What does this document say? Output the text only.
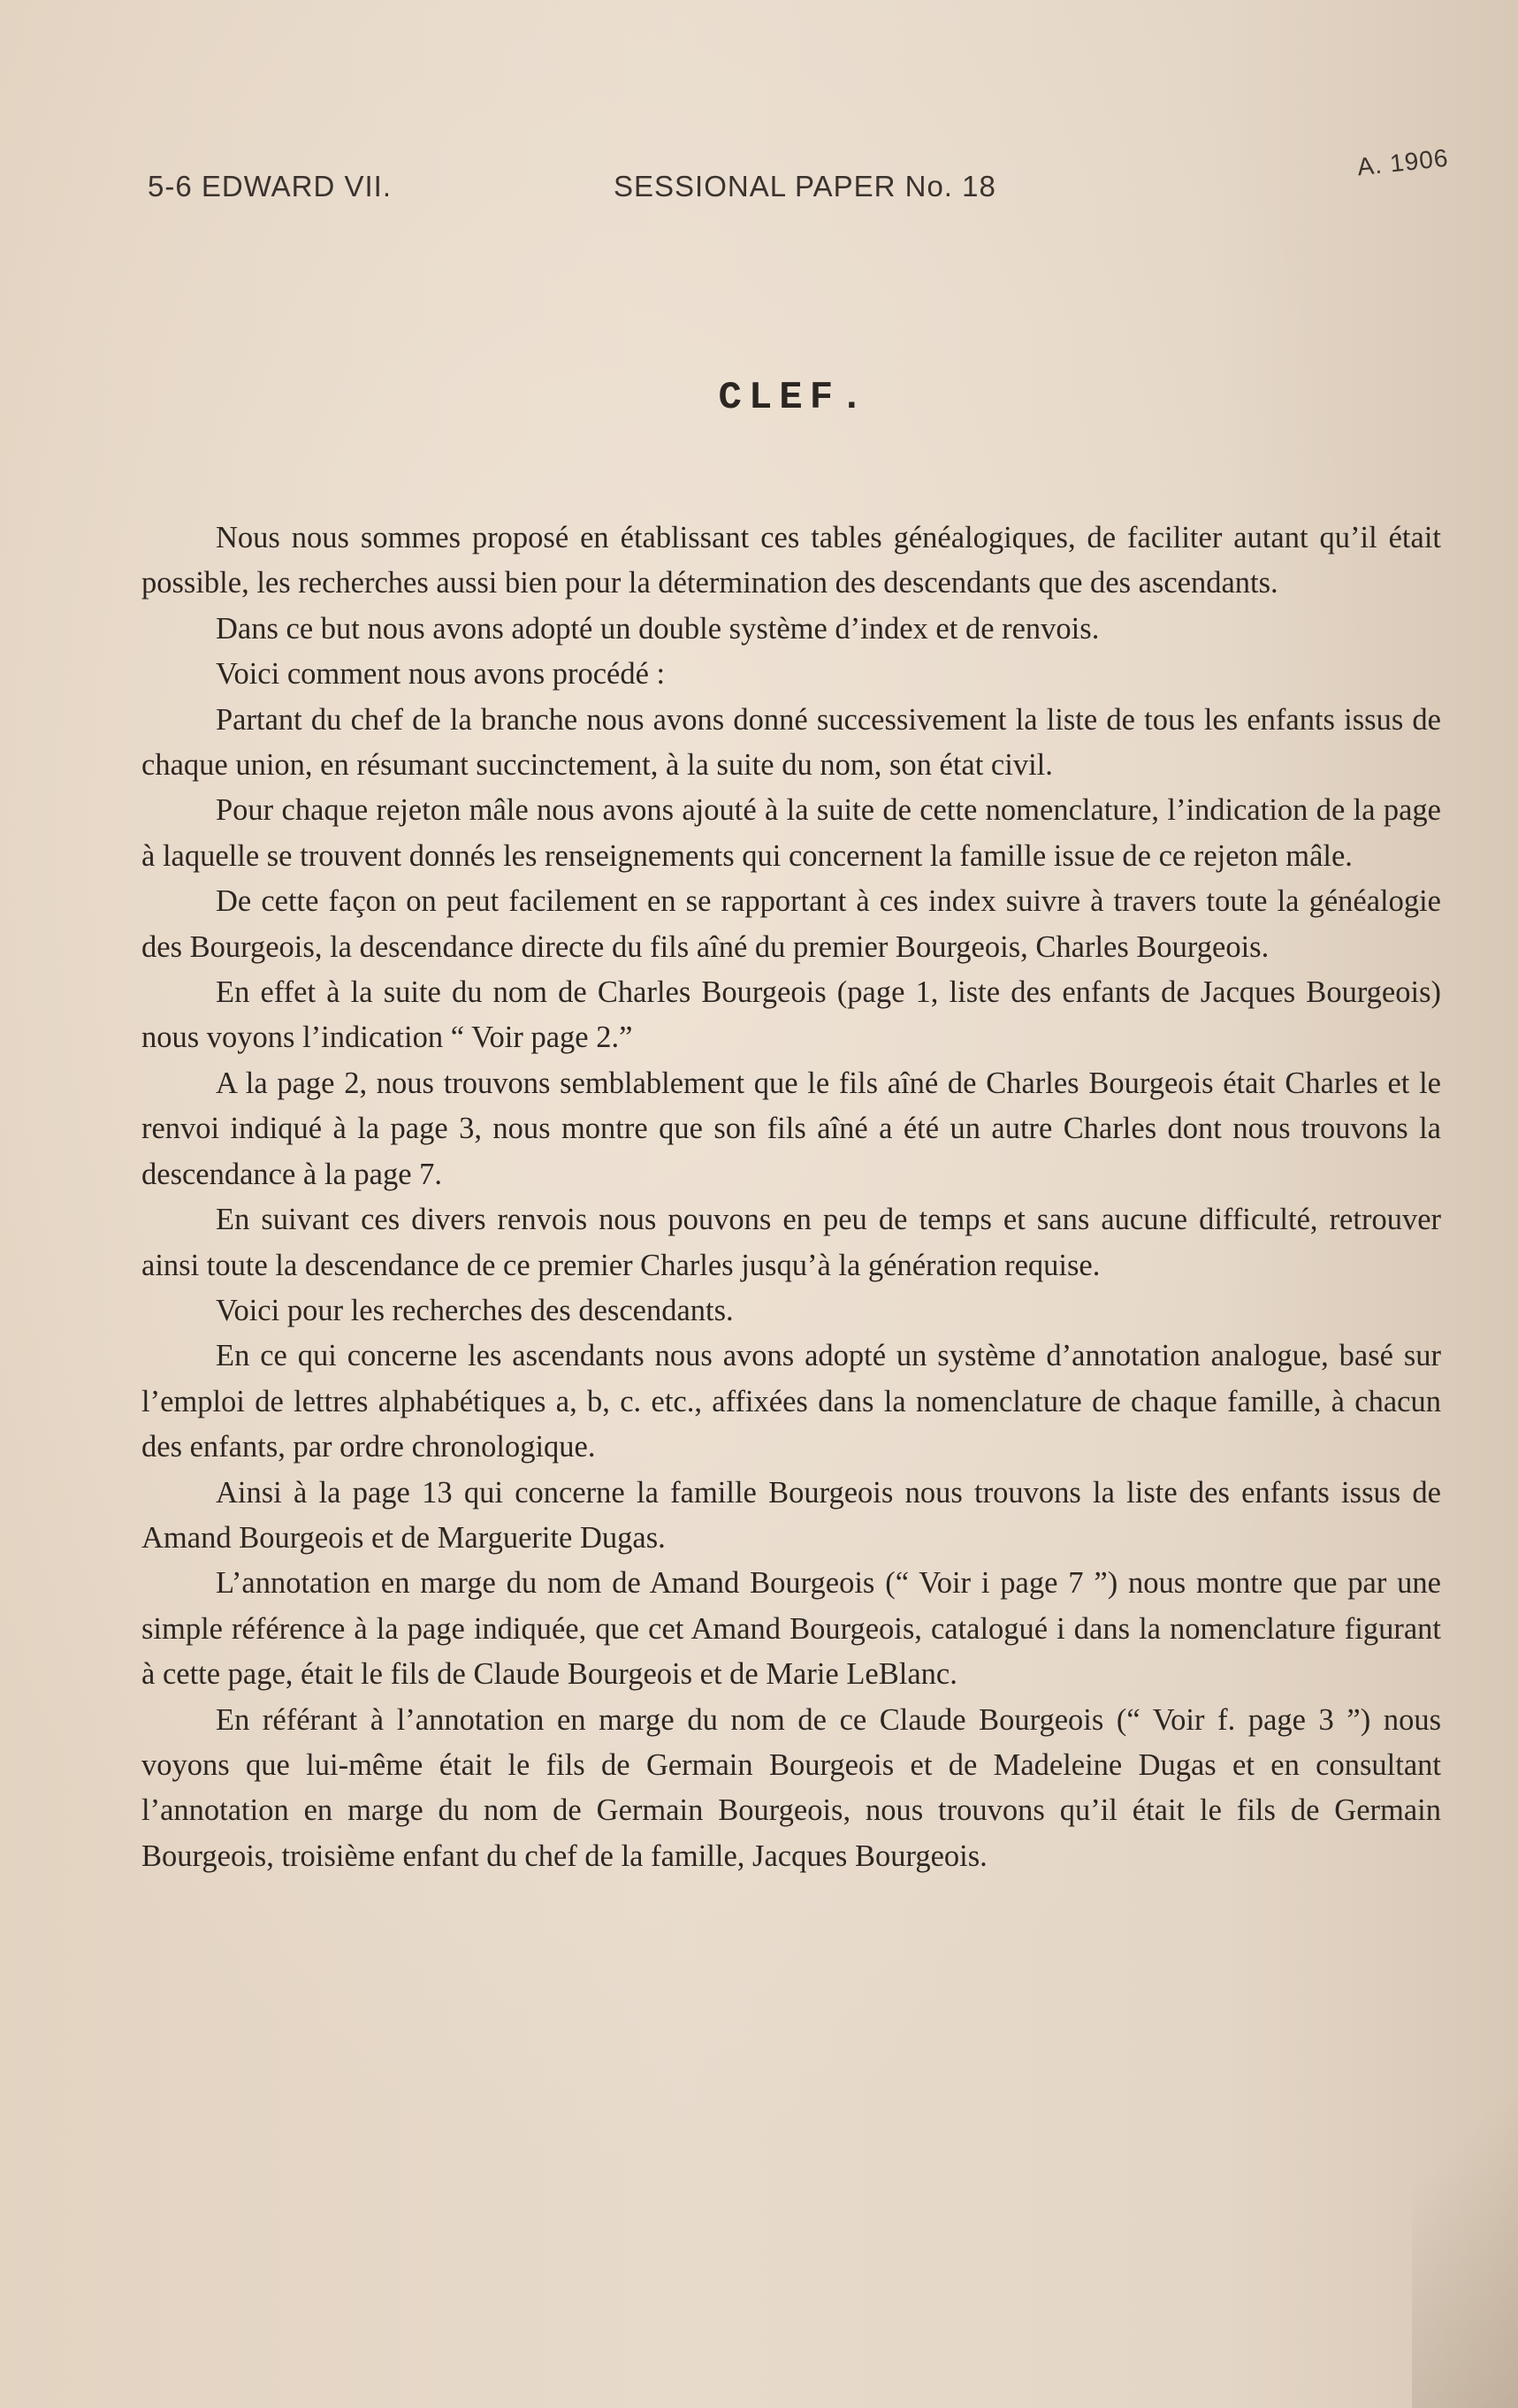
5-6 EDWARD VII.	SESSIONAL PAPER No. 18
A. 1906
CLEF.

Nous nous sommes proposé en établissant ces tables généalogiques, de faciliter autant qu’il était possible, les recherches aussi bien pour la détermination des descendants que des ascendants.

Dans ce but nous avons adopté un double système d’index et de renvois.

Voici comment nous avons procédé :

Partant du chef de la branche nous avons donné successivement la liste de tous les enfants issus de chaque union, en résumant succinctement, à la suite du nom, son état civil.

Pour chaque rejeton mâle nous avons ajouté à la suite de cette nomenclature, l’indication de la page à laquelle se trouvent donnés les renseignements qui concernent la famille issue de ce rejeton mâle.

De cette façon on peut facilement en se rapportant à ces index suivre à travers toute la généalogie des Bourgeois, la descendance directe du fils aîné du premier Bourgeois, Charles Bourgeois.

En effet à la suite du nom de Charles Bourgeois (page 1, liste des enfants de Jacques Bourgeois) nous voyons l’indication “ Voir page 2.”

A la page 2, nous trouvons semblablement que le fils aîné de Charles Bourgeois était Charles et le renvoi indiqué à la page 3, nous montre que son fils aîné a été un autre Charles dont nous trouvons la descendance à la page 7.

En suivant ces divers renvois nous pouvons en peu de temps et sans aucune difficulté, retrouver ainsi toute la descendance de ce premier Charles jusqu’à la génération requise.

Voici pour les recherches des descendants.

En ce qui concerne les ascendants nous avons adopté un système d’annotation analogue, basé sur l’emploi de lettres alphabétiques a, b, c. etc., affixées dans la nomenclature de chaque famille, à chacun des enfants, par ordre chronologique.

Ainsi à la page 13 qui concerne la famille Bourgeois nous trouvons la liste des enfants issus de Amand Bourgeois et de Marguerite Dugas.

L’annotation en marge du nom de Amand Bourgeois (“ Voir i page 7 ”) nous montre que par une simple référence à la page indiquée, que cet Amand Bourgeois, catalogué i dans la nomenclature figurant à cette page, était le fils de Claude Bourgeois et de Marie LeBlanc.

En référant à l’annotation en marge du nom de ce Claude Bourgeois (“ Voir f. page 3 ”) nous voyons que lui-même était le fils de Germain Bourgeois et de Madeleine Dugas et en consultant l’annotation en marge du nom de Germain Bourgeois, nous trouvons qu’il était le fils de Germain Bourgeois, troisième enfant du chef de la famille, Jacques Bourgeois.
